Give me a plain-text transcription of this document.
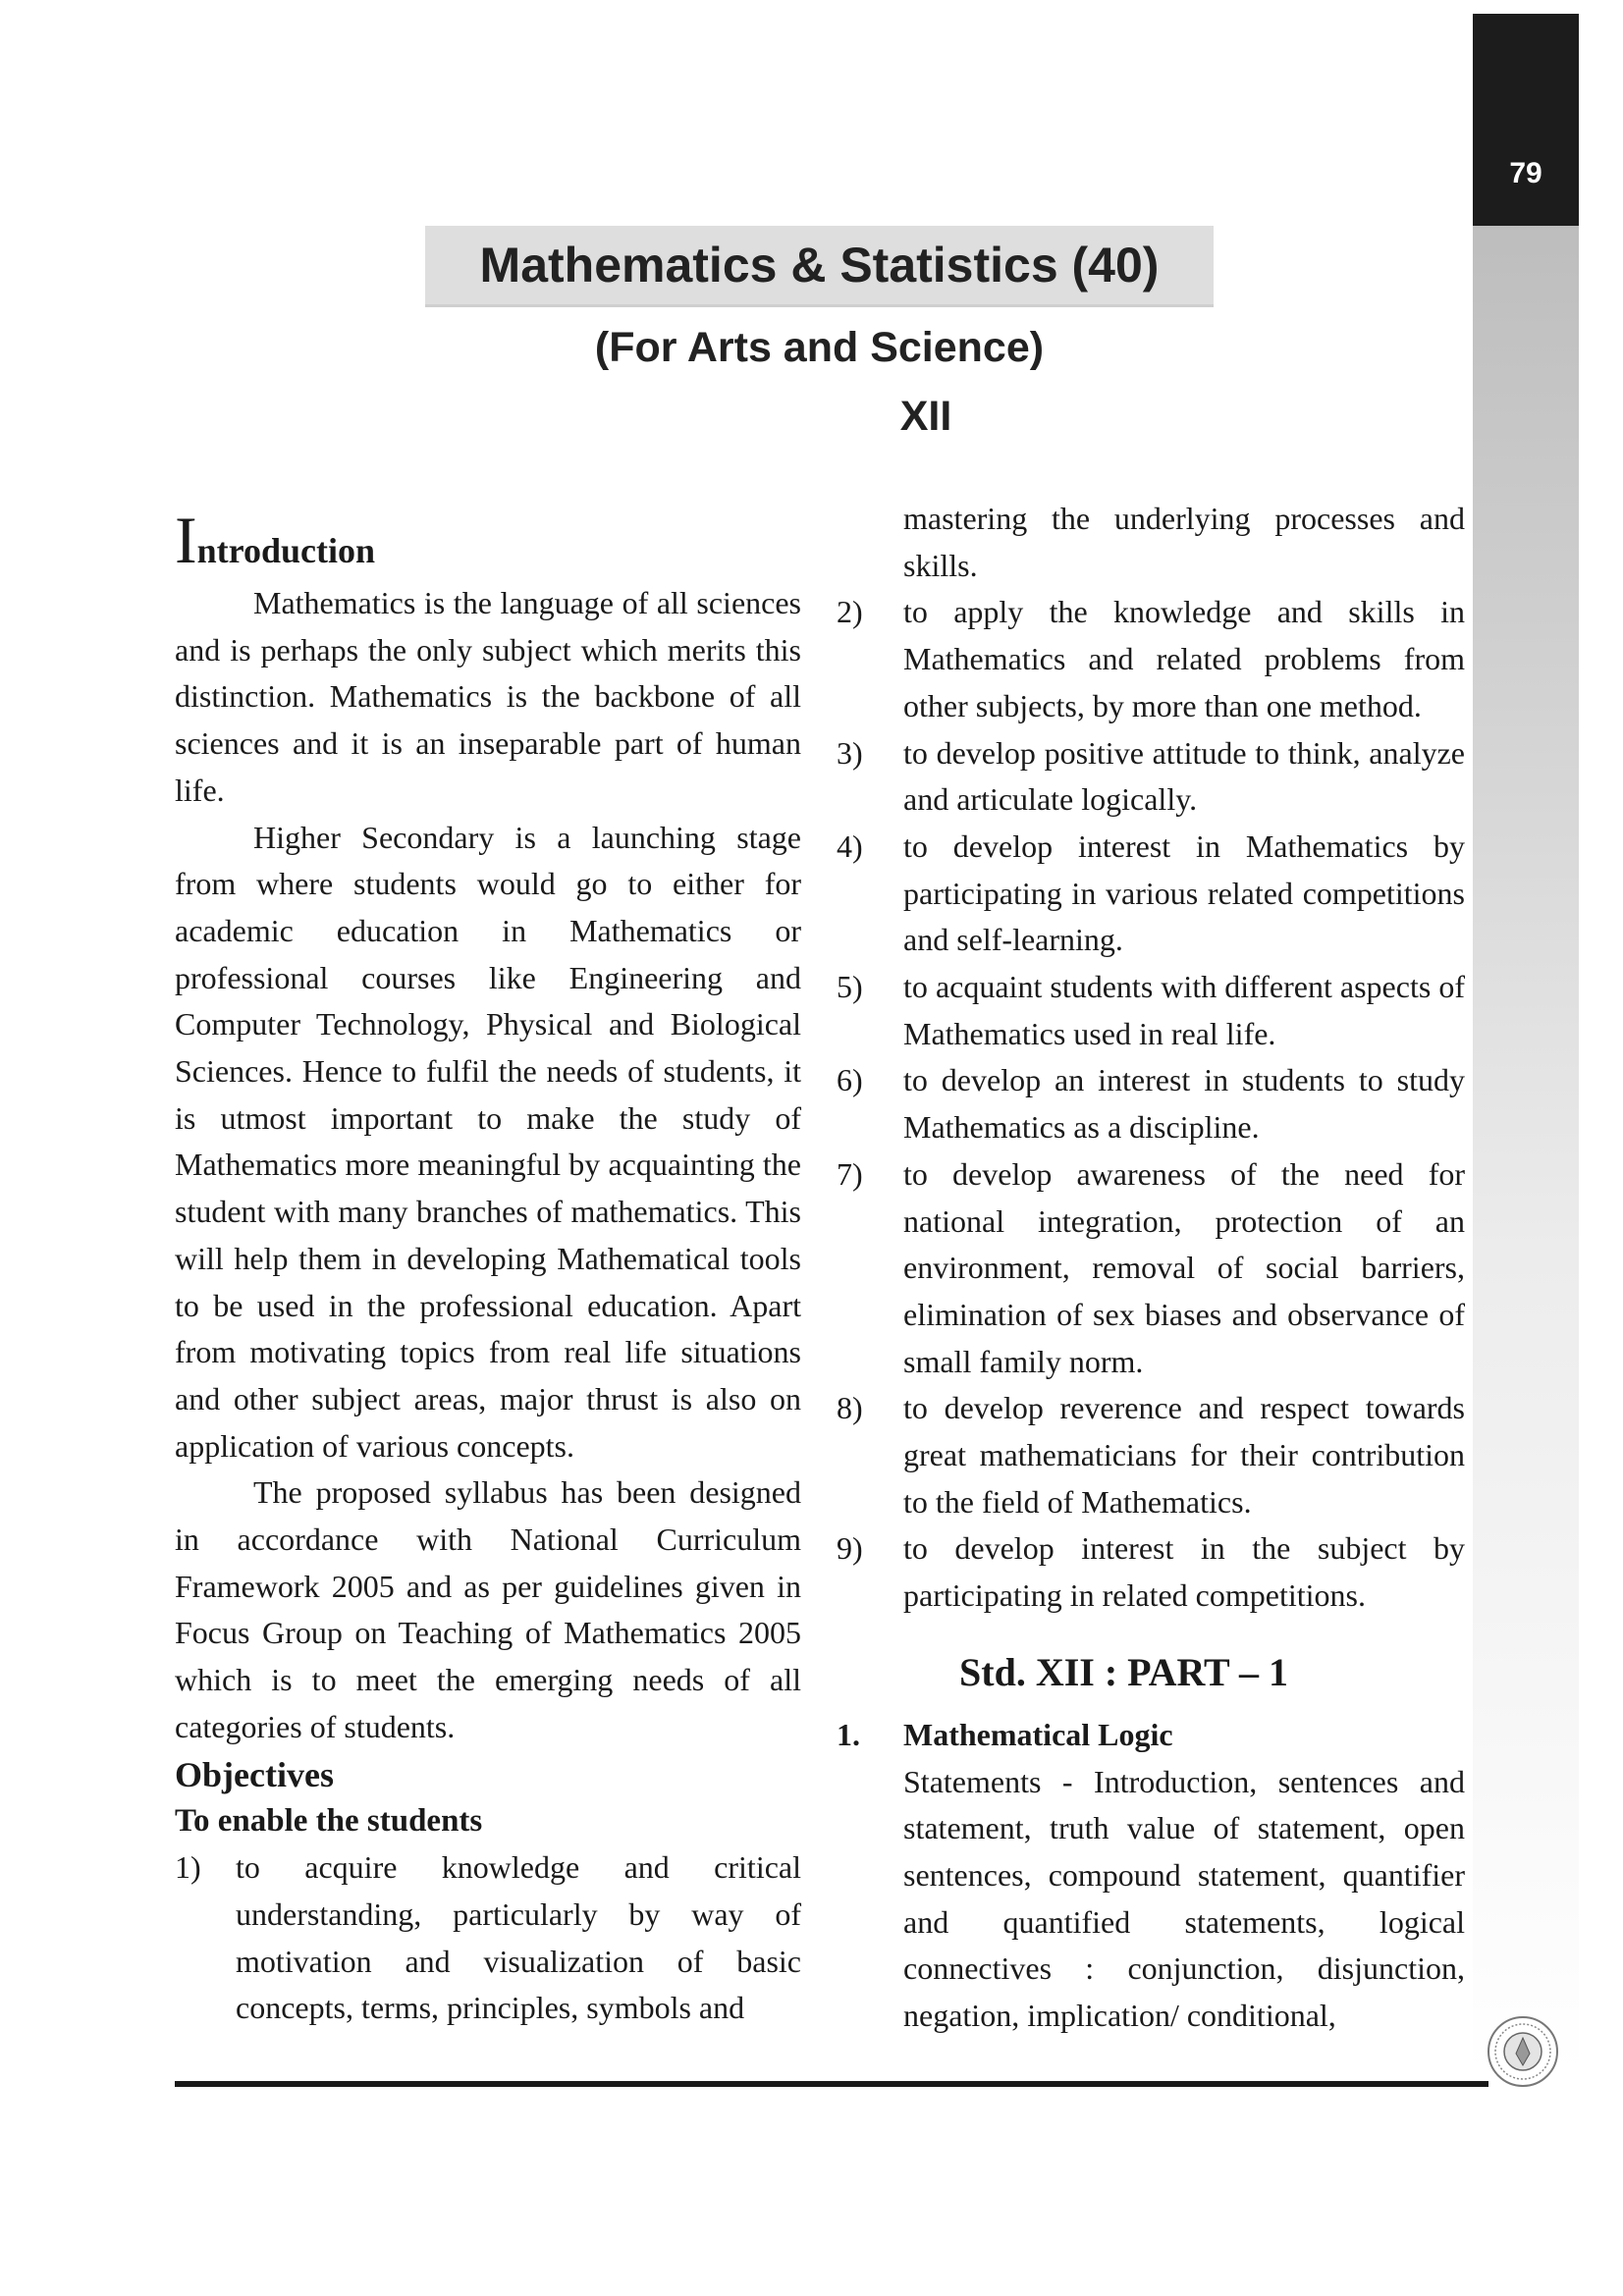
79
Mathematics & Statistics (40)
(For Arts and Science)
XII
Introduction

Mathematics is the language of all sciences and is perhaps the only subject which merits this distinction. Mathematics is the backbone of all sciences and it is an inseparable part of human life.

Higher Secondary is a launching stage from where students would go to either for academic education in Mathematics or professional courses like Engineering and Computer Technology, Physical and Biological Sciences. Hence to fulfil the needs of students, it is utmost important to make the study of Mathematics more meaningful by acquainting the student with many branches of mathematics. This will help them in developing Mathematical tools to be used in the professional education. Apart from motivating topics from real life situations and other subject areas, major thrust is also on application of various concepts.

The proposed syllabus has been designed in accordance with National Curriculum Framework 2005 and as per guidelines given in Focus Group on Teaching of Mathematics 2005 which is to meet the emerging needs of all categories of students.

Objectives
To enable the students
1)	to acquire knowledge and critical understanding, particularly by way of motivation and visualization of basic concepts, terms, principles, symbols and
mastering the underlying processes and skills.
2)	to apply the knowledge and skills in Mathematics and related problems from other subjects, by more than one method.
3)	to develop positive attitude to think, analyze and articulate logically.
4)	to develop interest in Mathematics by participating in various related competitions and self-learning.
5)	to acquaint students with different aspects of Mathematics used in real life.
6)	to develop an interest in students to study Mathematics as a discipline.
7)	to develop awareness of the need for national integration, protection of an environment, removal of social barriers, elimination of sex biases and observance of small family norm.
8)	to develop reverence and respect towards great mathematicians for their contribution to the field of Mathematics.
9)	to develop interest in the subject by participating in related competitions.
Std. XII : PART – 1
1.	Mathematical Logic
Statements - Introduction, sentences and statement, truth value of statement, open sentences, compound statement, quantifier and quantified statements, logical connectives : conjunction, disjunction, negation, implication/ conditional,
